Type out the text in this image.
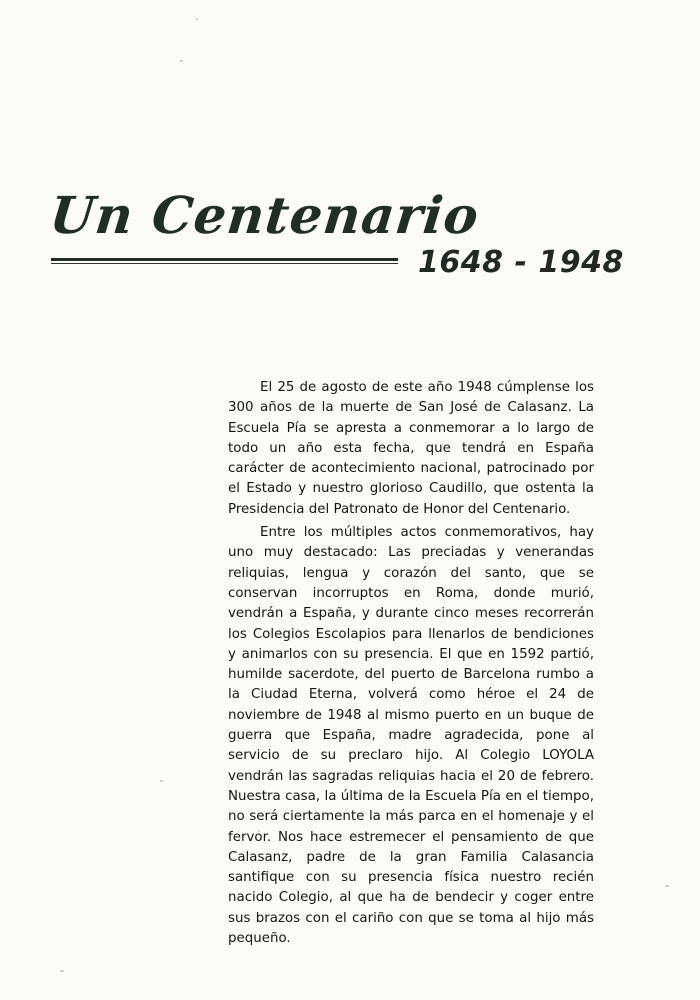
Un Centenario
1648 - 1948

El 25 de agosto de este año 1948 cúmplense los 300 años de la muerte de San José de Calasanz. La Escuela Pía se apresta a conmemorar a lo largo de todo un año esta fecha, que tendrá en España carácter de acontecimiento nacional, patrocinado por el Estado y nuestro glorioso Caudillo, que ostenta la Presidencia del Patronato de Honor del Centenario.

Entre los múltiples actos conmemorativos, hay uno muy destacado: Las preciadas y venerandas reliquias, lengua y corazón del santo, que se conservan incorruptos en Roma, donde murió, vendrán a España, y durante cinco meses recorrerán los Colegios Escolapios para llenarlos de bendiciones y animarlos con su presencia. El que en 1592 partió, humilde sacerdote, del puerto de Barcelona rumbo a la Ciudad Eterna, volverá como héroe el 24 de noviembre de 1948 al mismo puerto en un buque de guerra que España, madre agradecida, pone al servicio de su preclaro hijo. Al Colegio LOYOLA vendrán las sagradas reliquias hacia el 20 de febrero. Nuestra casa, la última de la Escuela Pía en el tiempo, no será ciertamente la más parca en el homenaje y el fervor. Nos hace estremecer el pensamiento de que Calasanz, padre de la gran Familia Calasancia santifique con su presencia física nuestro recién nacido Colegio, al que ha de bendecir y coger entre sus brazos con el cariño con que se toma al hijo más pequeño.
